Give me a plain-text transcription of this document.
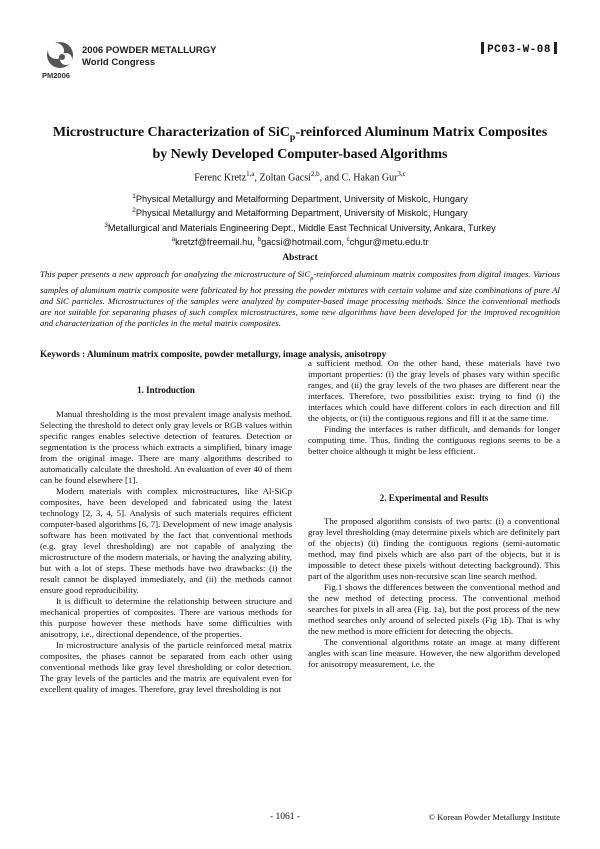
2006 POWDER METALLURGY
World Congress
PM2006
PC03-W-08
Microstructure Characterization of SiC$_p$-reinforced Aluminum Matrix Composites
by Newly Developed Computer-based Algorithms
Ferenc Kretz$^{1,a}$, Zoltan Gacsi$^{2,b}$, and C. Hakan Gur$^{3,c}$
$^1$Physical Metallurgy and Metalforming Department, University of Miskolc, Hungary
$^2$Physical Metallurgy and Metalforming Department, University of Miskolc, Hungary
$^3$Metallurgical and Materials Engineering Dept., Middle East Technical University, Ankara, Turkey
$^a$kretzf@freemail.hu, $^b$gacsi@hotmail.com, $^c$chgur@metu.edu.tr
Abstract
This paper presents a new approach for analyzing the microstructure of SiC$_p$-reinforced aluminum matrix composites from digital images. Various samples of aluminum matrix composite were fabricated by hot pressing the powder mixtures with certain volume and size combinations of pure Al and SiC particles. Microstructures of the samples were analyzed by computer-based image processing methods. Since the conventional methods are not suitable for separating phases of such complex microstructures, some new algorithms have been developed for the improved recognition and characterization of the particles in the metal matrix composites.
Keywords : Aluminum matrix composite, powder metallurgy, image analysis, anisotropy
1. Introduction

Manual thresholding is the most prevalent image analysis method. Selecting the threshold to detect only gray levels or RGB values within specific ranges enables selective detection of features. Detection or segmentation is the process which extracts a simplified, binary image from the original image. There are many algorithms described to automatically calculate the threshold. An evaluation of ever 40 of them can be found elsewhere [1].

Modern materials with complex microstructures, like Al-SiCp composites, have been developed and fabricated using the latest technology [2, 3, 4, 5]. Analysis of such materials requires efficient computer-based algorithms [6, 7]. Development of new image analysis software has been motivated by the fact that conventional methods (e.g. gray level thresholding) are not capable of analyzing the microstructure of the modern materials, or having the analyzing ability, but with a lot of steps. These methods have two drawbacks: (i) the result cannot be displayed immediately, and (ii) the methods cannot ensure good reproducibility.

It is difficult to determine the relationship between structure and mechanical properties of composites. There are various methods for this purpose however these methods have some difficulties with anisotropy, i.e., directional dependence, of the properties.

In microstructure analysis of the particle reinforced metal matrix composites, the phases cannot be separated from each other using conventional methods like gray level thresholding or color detection. The gray levels of the particles and the matrix are equivalent even for excellent quality of images. Therefore, gray level thresholding is not

a sufficient method. On the other hand, these materials have two important properties: (i) the gray levels of phases vary within specific ranges, and (ii) the gray levels of the two phases are different near the interfaces. Therefore, two possibilities exist: trying to find (i) the interfaces which could have different colors in each direction and fill the objects, or (ii) the contiguous regions and fill it at the same time.

Finding the interfaces is rather difficult, and demands for longer computing time. Thus, finding the contiguous regions seems to be a better choice although it might be less efficient.

2. Experimental and Results

The proposed algorithm consists of two parts: (i) a conventional gray level thresholding (may determine pixels which are definitely part of the objects) (ii) finding the contiguous regions (semi-automatic method, may find pixels which are also part of the objects, but it is impossible to detect these pixels without detecting background). This part of the algorithm uses non-recursive scan line search method.

Fig.1 shows the differences between the conventional method and the new method of detecting process. The conventional method searches for pixels in all area (Fig. 1a), but the post process of the new method searches only around of selected pixels (Fig 1b). That is why the new method is more efficient for detecting the objects.

The conventional algorithms rotate an image at many different angles with scan line measure. However, the new algorithm developed for anisotropy measurement, i.e. the

- 1061 -	© Korean Powder Metallurgy Institute
